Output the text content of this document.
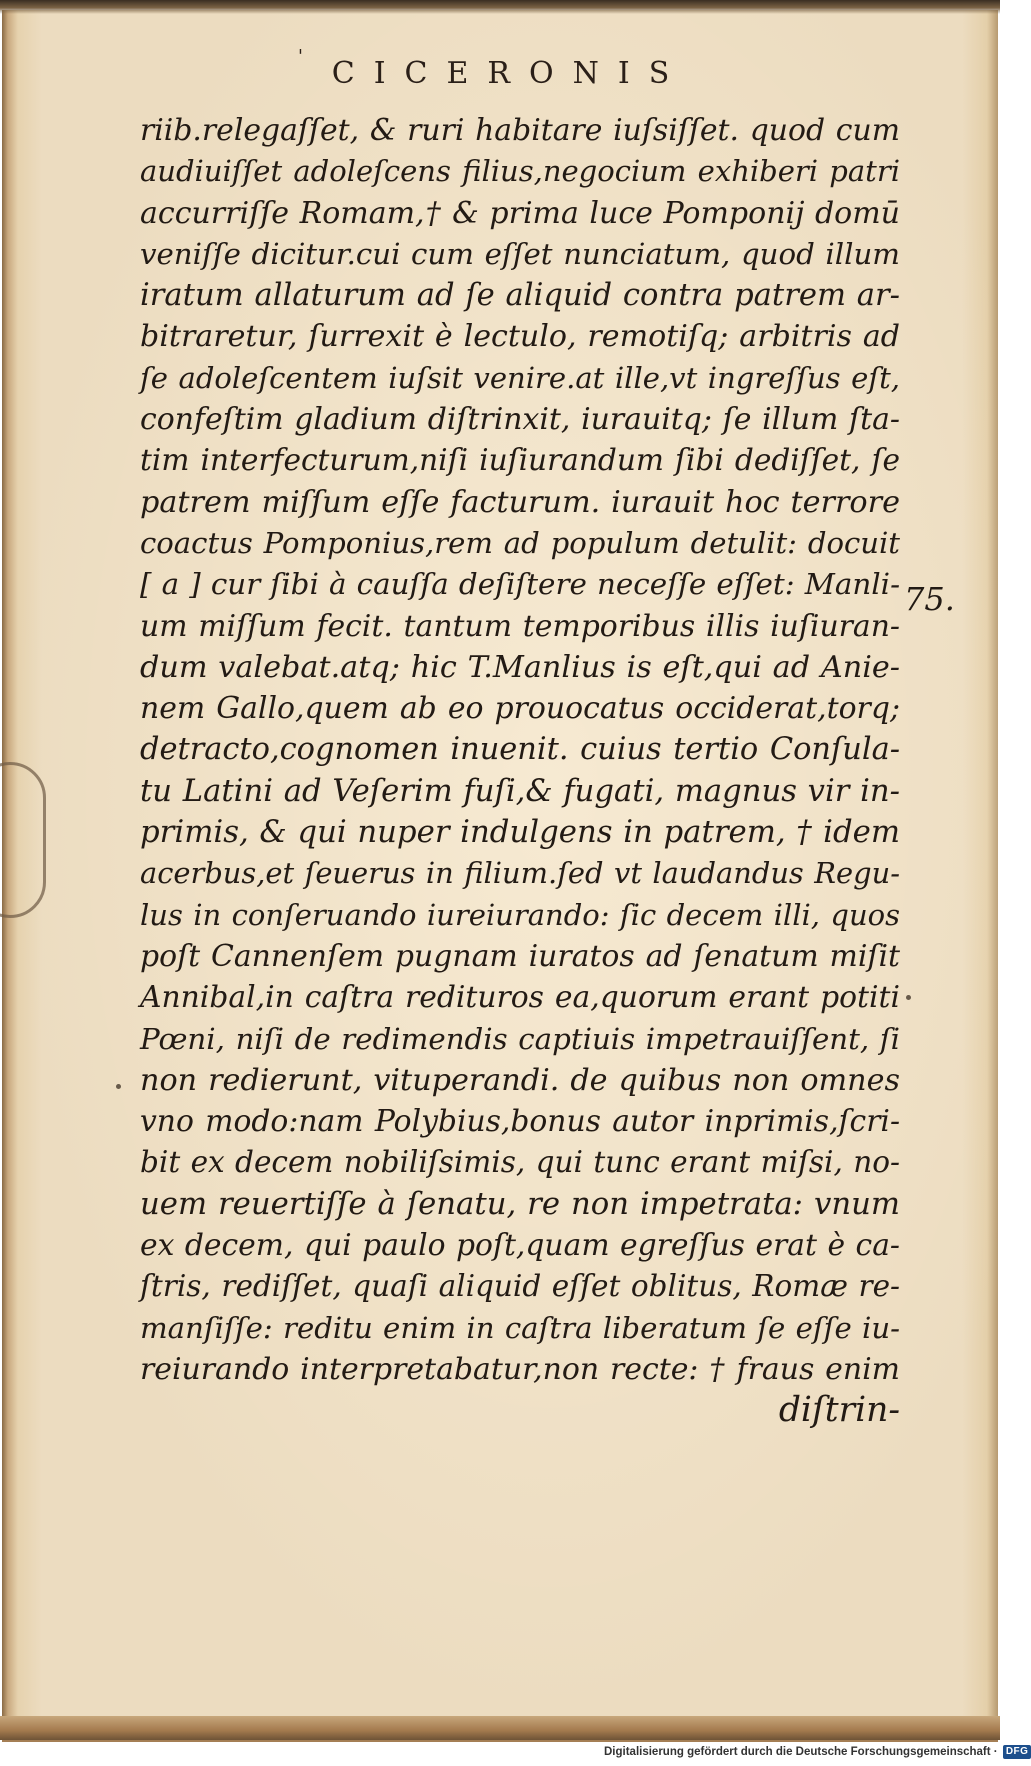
' CICERONIS
riib.relegaſſet, & ruri habitare iuſsiſſet. quod cum
audiuiſſet adoleſcens filius,negocium exhiberi patri
accurriſſe Romam,† & prima luce Pomponij domū
veniſſe dicitur.cui cum eſſet nunciatum, quod illum
iratum allaturum ad ſe aliquid contra patrem ar-
bitraretur, ſurrexit è lectulo, remotiſq; arbitris ad
ſe adoleſcentem iuſsit venire.at ille,vt ingreſſus eſt,
confeſtim gladium diſtrinxit, iurauitq; ſe illum ſta-
tim interfecturum,niſi iuſiurandum ſibi dediſſet, ſe
patrem miſſum eſſe facturum. iurauit hoc terrore
coactus Pomponius,rem ad populum detulit: docuit
[ a ] cur ſibi à cauſſa deſiſtere neceſſe eſſet: Manli-
um miſſum fecit. tantum temporibus illis iuſiuran-
dum valebat.atq; hic T.Manlius is eſt,qui ad Anie-
nem Gallo,quem ab eo prouocatus occiderat,torq;
detracto,cognomen inuenit. cuius tertio Conſula-
tu Latini ad Veſerim fuſi,& fugati, magnus vir in-
primis, & qui nuper indulgens in patrem, † idem
acerbus,et ſeuerus in filium.ſed vt laudandus Regu-
lus in conſeruando iureiurando: ſic decem illi, quos
poſt Cannenſem pugnam iuratos ad ſenatum miſit
Annibal,in caſtra redituros ea,quorum erant potiti
Pœni, niſi de redimendis captiuis impetrauiſſent, ſi
non redierunt, vituperandi. de quibus non omnes
vno modo:nam Polybius,bonus autor inprimis,ſcri-
bit ex decem nobiliſsimis, qui tunc erant miſsi, no-
uem reuertiſſe à ſenatu, re non impetrata: vnum
ex decem, qui paulo poſt,quam egreſſus erat è ca-
ſtris, rediſſet, quaſi aliquid eſſet oblitus, Romæ re-
manſiſſe: reditu enim in caſtra liberatum ſe eſſe iu-
reiurando interpretabatur,non recte: † fraus enim
diſtrin-
75.
Digitalisierung gefördert durch die Deutsche Forschungsgemeinschaft · DFG
